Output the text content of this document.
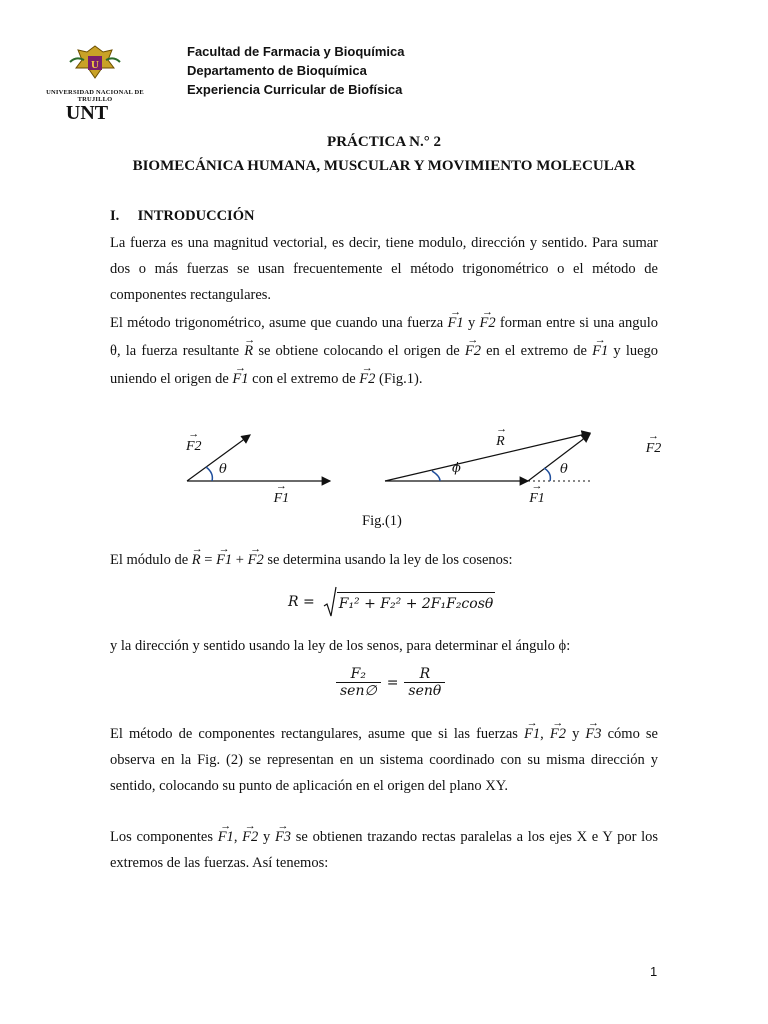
U
UNIVERSIDAD NACIONAL DE TRUJILLO
UNT
Facultad de Farmacia y Bioquímica
Departamento de Bioquímica
Experiencia Curricular de Biofísica
PRÁCTICA N.° 2
BIOMECÁNICA HUMANA, MUSCULAR Y MOVIMIENTO MOLECULAR
I. INTRODUCCIÓN
La fuerza es una magnitud vectorial, es decir, tiene modulo, dirección y sentido. Para sumar dos o más fuerzas se usan frecuentemente el método trigonométrico o el método de componentes rectangulares.
El método trigonométrico, asume que cuando una fuerza → F1 y → F2 forman entre si una angulo θ, la fuerza resultante → R se obtiene colocando el origen de → F2 en el extremo de → F1 y luego uniendo el origen de → F1 con el extremo de → F2 (Fig.1).
→ F2
θ
→ F1 → R
ϕ
→ F2
θ
→ F1
Fig.(1)
El módulo de → R = → F1 + → F2 se determina usando la ley de los cosenos:
R = F₁² + F₂² + 2F₁F₂cosθ
y la dirección y sentido usando la ley de los senos, para determinar el ángulo ϕ:
$\frac{\text{F₂}}{\text{sen∅}} = \frac{R}{\text{senθ}}$
El método de componentes rectangulares, asume que si las fuerzas → F1, → F2 y → F3 cómo se observa en la Fig. (2) se representan en un sistema coordinado con su misma dirección y sentido, colocando su punto de aplicación en el origen del plano XY.
Los componentes → F1, → F2 y → F3 se obtienen trazando rectas paralelas a los ejes X e Y por los extremos de las fuerzas. Así tenemos:
1
